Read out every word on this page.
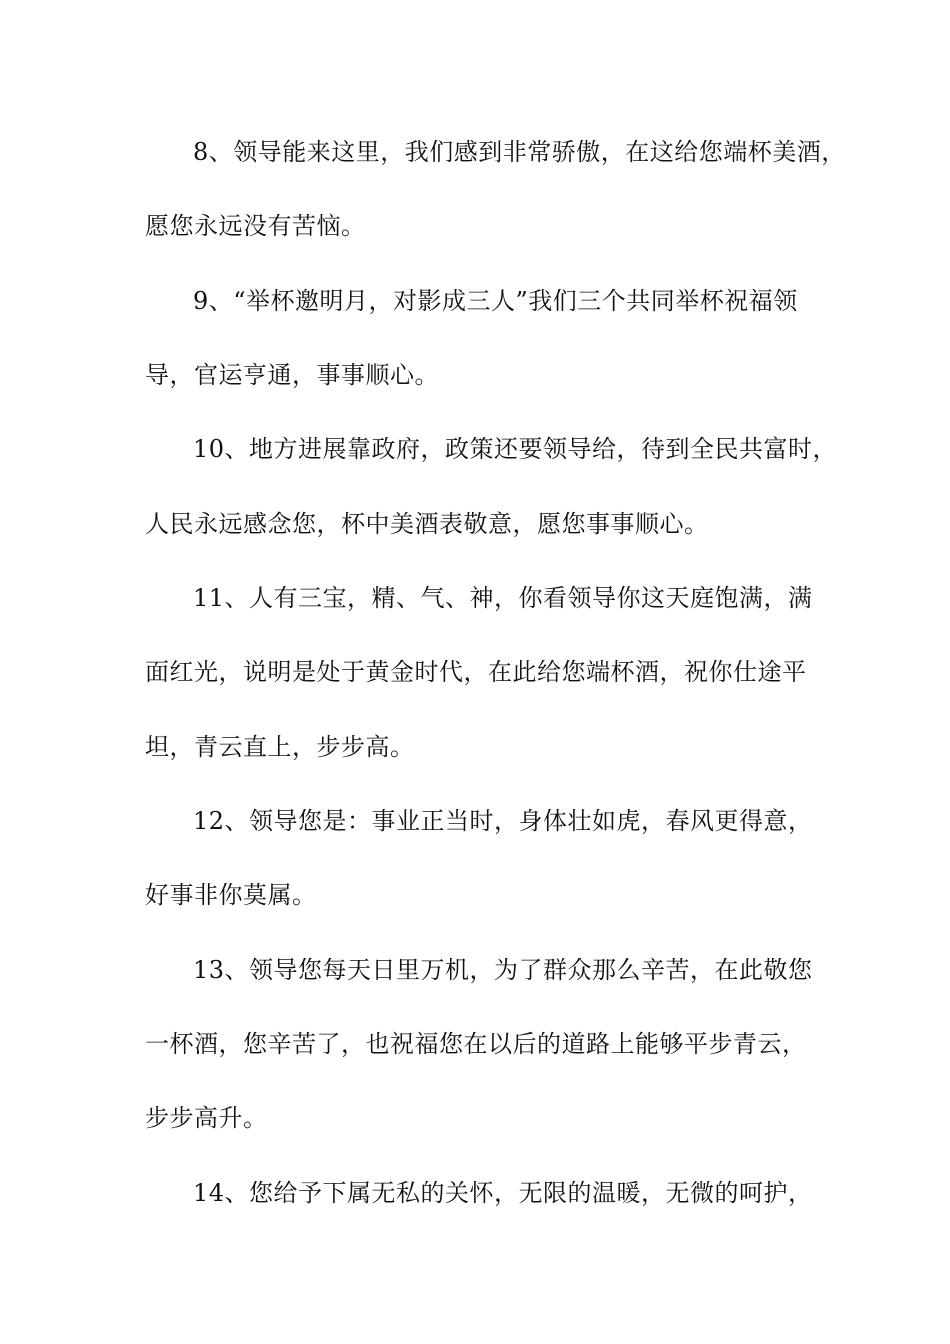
8、领导能来这里，我们感到非常骄傲，在这给您端杯美酒，
愿您永远没有苦恼。
9、“举杯邀明月，对影成三人”我们三个共同举杯祝福领
导，官运亨通，事事顺心。
10、地方进展靠政府，政策还要领导给，待到全民共富时，
人民永远感念您，杯中美酒表敬意，愿您事事顺心。
11、人有三宝，精、气、神，你看领导你这天庭饱满，满
面红光，说明是处于黄金时代，在此给您端杯酒，祝你仕途平
坦，青云直上，步步高。
12、领导您是：事业正当时，身体壮如虎，春风更得意，
好事非你莫属。
13、领导您每天日里万机，为了群众那么辛苦，在此敬您
一杯酒，您辛苦了，也祝福您在以后的道路上能够平步青云，
步步高升。
14、您给予下属无私的关怀，无限的温暖，无微的呵护，
